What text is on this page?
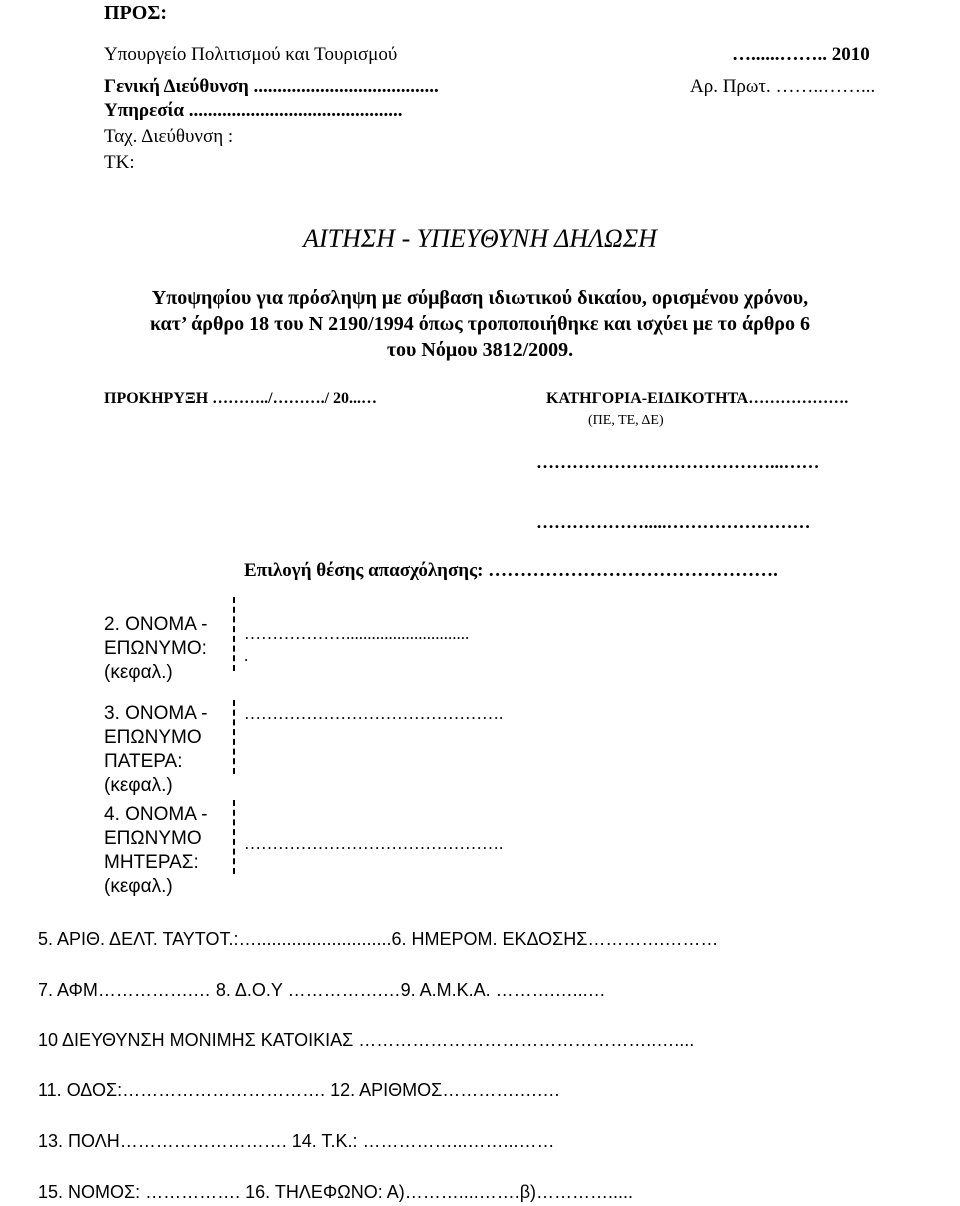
ΠΡΟΣ:
Υπουργείο Πολιτισμού και Τουρισμού	…......…….. 2010
Γενική Διεύθυνση .......................................	Αρ. Πρωτ. ……..……...
Υπηρεσία .............................................
Ταχ. Διεύθυνση :
ΤΚ:
ΑΙΤΗΣΗ - ΥΠΕΥΘΥΝΗ ΔΗΛΩΣΗ
Υποψηφίου για πρόσληψη με σύμβαση ιδιωτικού δικαίου, ορισμένου χρόνου, κατ’ άρθρο 18 του Ν 2190/1994 όπως τροποποιήθηκε και ισχύει με το άρθρο 6 του Νόμου 3812/2009.
ΠΡΟΚΗΡΥΞΗ ………../………./ 20...…	ΚΑΤΗΓΟΡΙΑ-ΕΙΔΙΚΟΤΗΤΑ……………….
(ΠΕ, ΤΕ, ΔΕ)
…………………………………...……
……………….....……………………
Επιλογή θέσης απασχόλησης: ……………………………………….
2. ΟΝΟΜΑ - ΕΠΩΝΥΜΟ: (κεφαλ.)
……………….............................
.
3. ΟΝΟΜΑ - ΕΠΩΝΥΜΟ ΠΑΤΕΡΑ: (κεφαλ.)
……………………………………….
4. ΟΝΟΜΑ - ΕΠΩΝΥΜΟ ΜΗΤΕΡΑΣ: (κεφαλ.)
……………………………………….
5. ΑΡΙΘ. ΔΕΛΤ. ΤΑΥΤΟΤ.:…...........................6. ΗΜΕΡΟΜ. ΕΚΔΟΣΗΣ………….………
7. ΑΦΜ…………….… 8. Δ.Ο.Υ …………….…9. Α.Μ.Κ.Α. ……….…...…
10 ΔΙΕΥΘΥΝΣΗ ΜΟΝΙΜΗΣ ΚΑΤΟΙΚΙΑΣ …………………………………………..…....
11. ΟΔΟΣ:……………………………. 12. ΑΡΙΘΜΟΣ………….….…
13. ΠΟΛΗ………………………. 14. Τ.Κ.: ……………...……...……
15. ΝΟΜΟΣ: ……………. 16. ΤΗΛΕΦΩΝΟ: Α)………....…….β)………….....
